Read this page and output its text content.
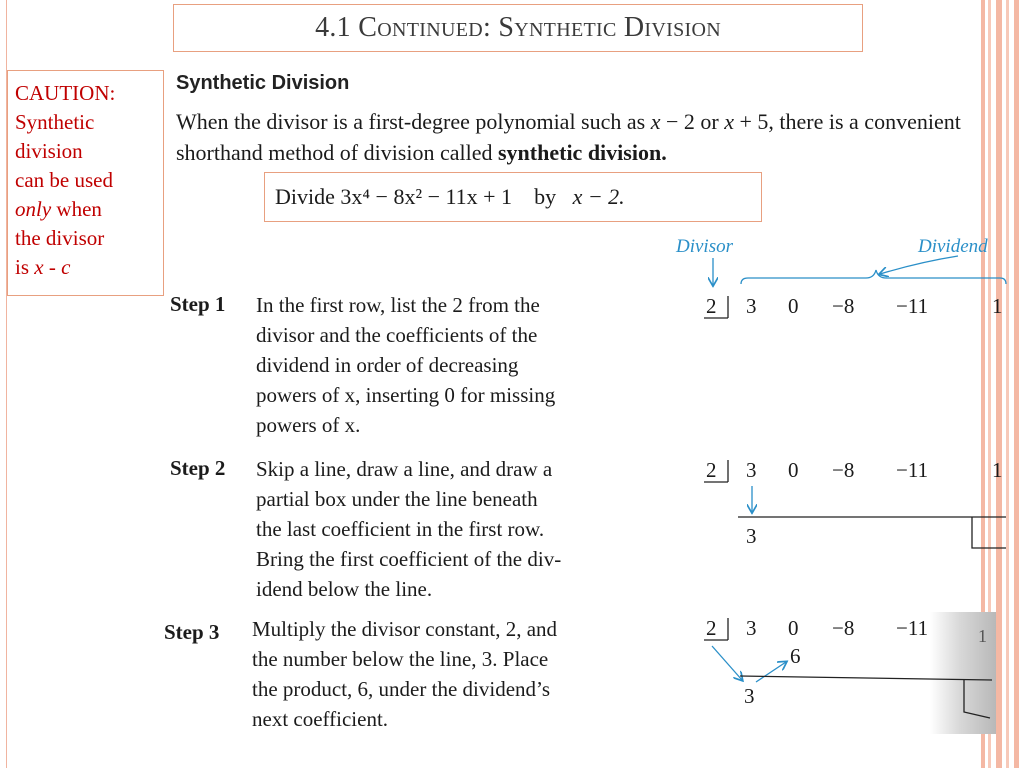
4.1 Continued: Synthetic Division
CAUTION:
Synthetic
division
can be used
only when
the divisor
is x - c
Synthetic Division
When the divisor is a first-degree polynomial such as x − 2 or x + 5, there is a convenient shorthand method of division called synthetic division.
Divide
3x⁴ − 8x² − 11x + 1
by
x − 2.
Divisor	Dividend
Step 1 In the first row, list the 2 from the
divisor and the coefficients of the
dividend in order of decreasing
powers of x, inserting 0 for missing
powers of x.
2 3 0 −8 −11	1
Step 2 Skip a line, draw a line, and draw a
partial box under the line beneath
the last coefficient in the first row.
Bring the first coefficient of the div-
idend below the line.
2 3 0 −8 −11	1
3
Step 3 Multiply the divisor constant, 2, and
the number below the line, 3. Place
the product, 6, under the dividend’s
next coefficient.
2 3 0 −8 −11	1
6
3
